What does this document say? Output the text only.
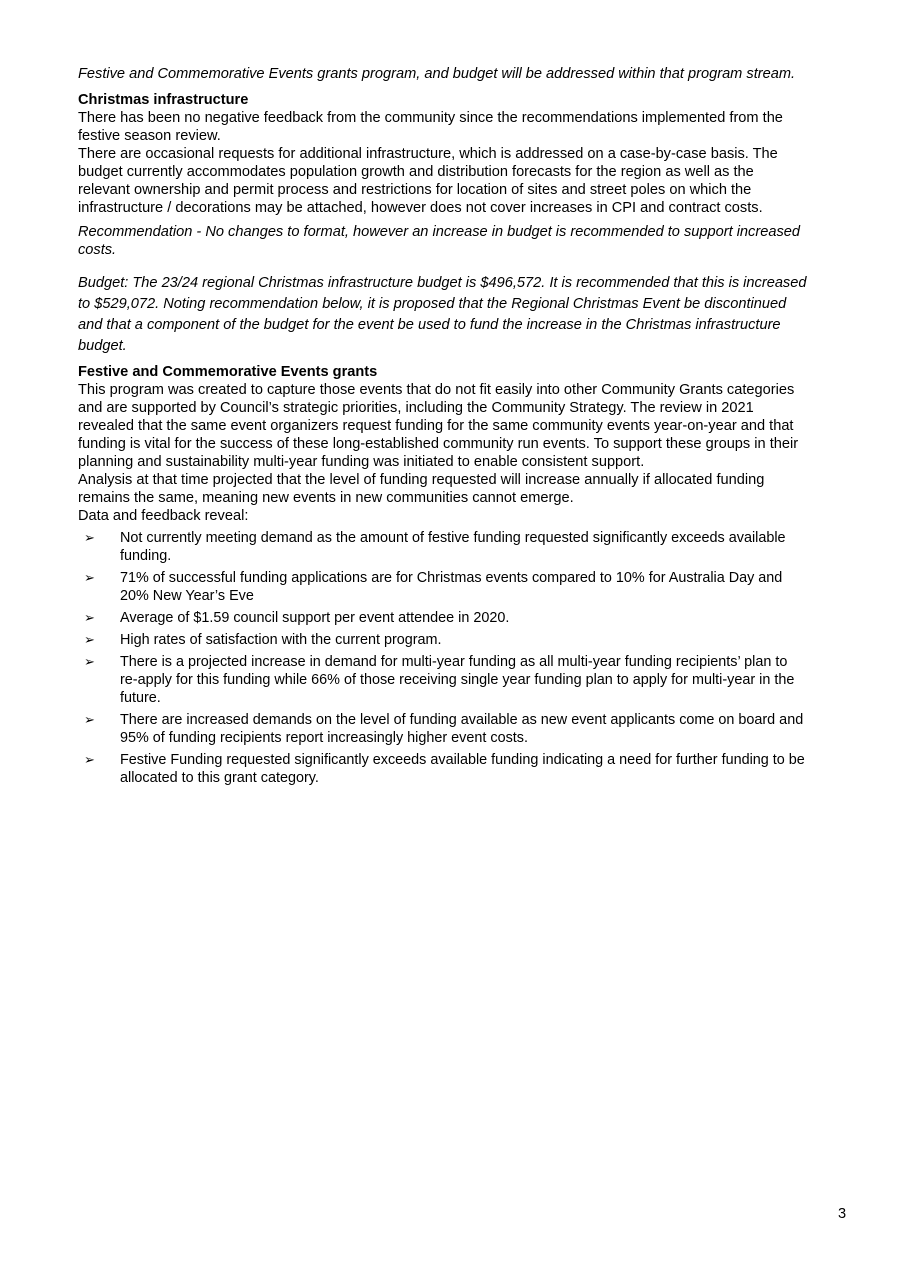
Festive and Commemorative Events grants program, and budget will be addressed within that program stream.

Christmas infrastructure

There has been no negative feedback from the community since the recommendations implemented from the festive season review.

There are occasional requests for additional infrastructure, which is addressed on a case-by-case basis. The budget currently accommodates population growth and distribution forecasts for the region as well as the relevant ownership and permit process and restrictions for location of sites and street poles on which the infrastructure / decorations may be attached, however does not cover increases in CPI and contract costs.

Recommendation - No changes to format, however an increase in budget is recommended to support increased costs.

Budget: The 23/24 regional Christmas infrastructure budget is $496,572. It is recommended that this is increased to $529,072. Noting recommendation below, it is proposed that the Regional Christmas Event be discontinued and that a component of the budget for the event be used to fund the increase in the Christmas infrastructure budget.

Festive and Commemorative Events grants

This program was created to capture those events that do not fit easily into other Community Grants categories and are supported by Council’s strategic priorities, including the Community Strategy. The review in 2021 revealed that the same event organizers request funding for the same community events year-on-year and that funding is vital for the success of these long-established community run events. To support these groups in their planning and sustainability multi-year funding was initiated to enable consistent support.

Analysis at that time projected that the level of funding requested will increase annually if allocated funding remains the same, meaning new events in new communities cannot emerge.

Data and feedback reveal:

➢ Not currently meeting demand as the amount of festive funding requested significantly exceeds available funding.
➢ 71% of successful funding applications are for Christmas events compared to 10% for Australia Day and 20% New Year’s Eve
➢ Average of $1.59 council support per event attendee in 2020.
➢ High rates of satisfaction with the current program.
➢ There is a projected increase in demand for multi-year funding as all multi-year funding recipients’ plan to re-apply for this funding while 66% of those receiving single year funding plan to apply for multi-year in the future.
➢ There are increased demands on the level of funding available as new event applicants come on board and 95% of funding recipients report increasingly higher event costs.
➢ Festive Funding requested significantly exceeds available funding indicating a need for further funding to be allocated to this grant category.
3
